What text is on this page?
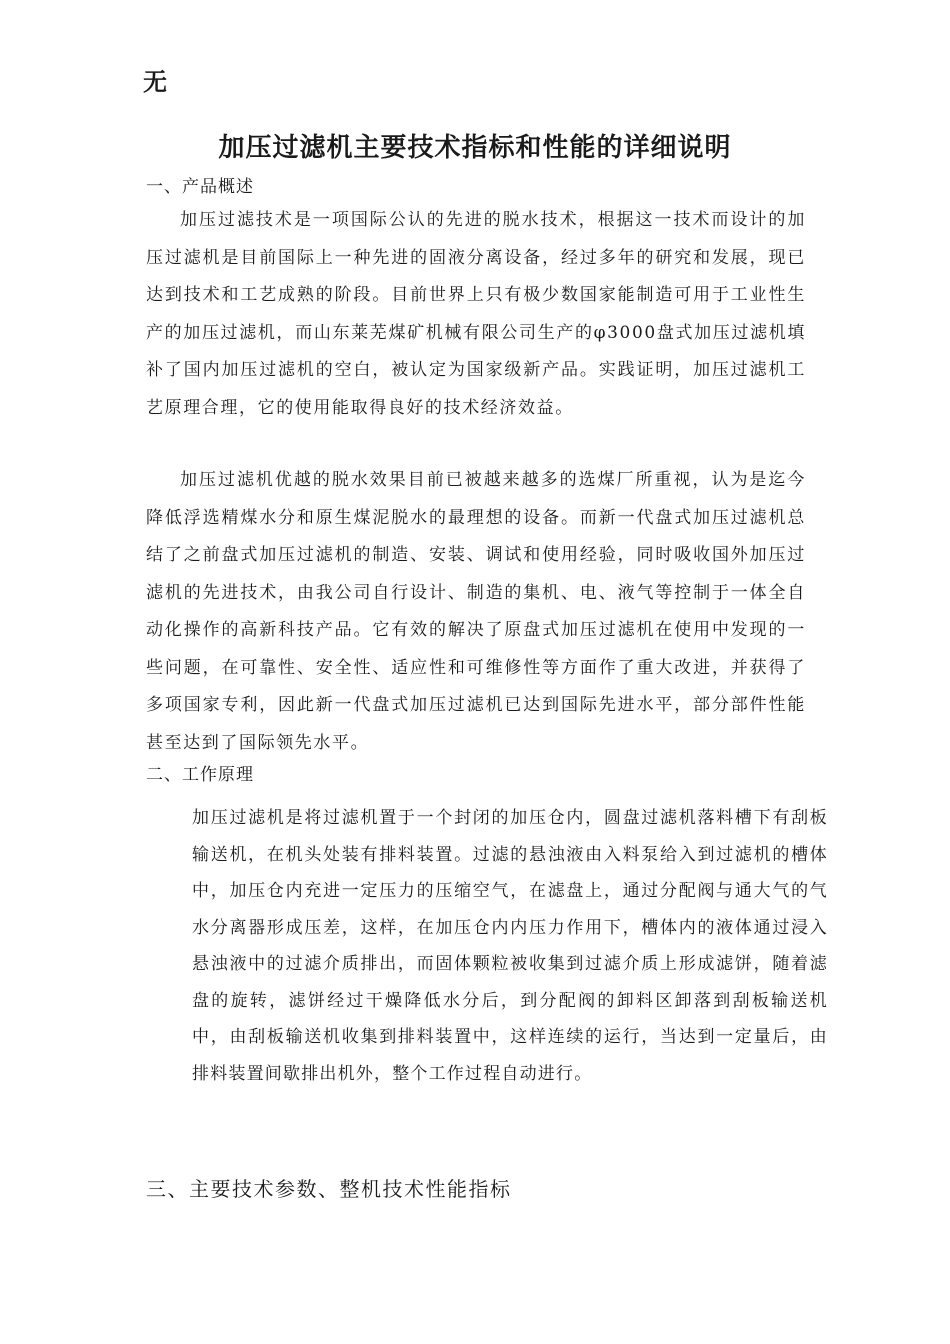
无
加压过滤机主要技术指标和性能的详细说明
一、产品概述

加压过滤技术是一项国际公认的先进的脱水技术，根据这一技术而设计的加压过滤机是目前国际上一种先进的固液分离设备，经过多年的研究和发展，现已达到技术和工艺成熟的阶段。目前世界上只有极少数国家能制造可用于工业性生产的加压过滤机，而山东莱芜煤矿机械有限公司生产的φ3000盘式加压过滤机填补了国内加压过滤机的空白，被认定为国家级新产品。实践证明，加压过滤机工艺原理合理，它的使用能取得良好的技术经济效益。

加压过滤机优越的脱水效果目前已被越来越多的选煤厂所重视，认为是迄今降低浮选精煤水分和原生煤泥脱水的最理想的设备。而新一代盘式加压过滤机总结了之前盘式加压过滤机的制造、安装、调试和使用经验，同时吸收国外加压过滤机的先进技术，由我公司自行设计、制造的集机、电、液气等控制于一体全自动化操作的高新科技产品。它有效的解决了原盘式加压过滤机在使用中发现的一些问题，在可靠性、安全性、适应性和可维修性等方面作了重大改进，并获得了多项国家专利，因此新一代盘式加压过滤机已达到国际先进水平，部分部件性能甚至达到了国际领先水平。

二、工作原理

加压过滤机是将过滤机置于一个封闭的加压仓内，圆盘过滤机落料槽下有刮板输送机，在机头处装有排料装置。过滤的悬浊液由入料泵给入到过滤机的槽体中，加压仓内充进一定压力的压缩空气，在滤盘上，通过分配阀与通大气的气水分离器形成压差，这样，在加压仓内内压力作用下，槽体内的液体通过浸入悬浊液中的过滤介质排出，而固体颗粒被收集到过滤介质上形成滤饼，随着滤盘的旋转，滤饼经过干燥降低水分后，到分配阀的卸料区卸落到刮板输送机中，由刮板输送机收集到排料装置中，这样连续的运行，当达到一定量后，由排料装置间歇排出机外，整个工作过程自动进行。

三、主要技术参数、整机技术性能指标
